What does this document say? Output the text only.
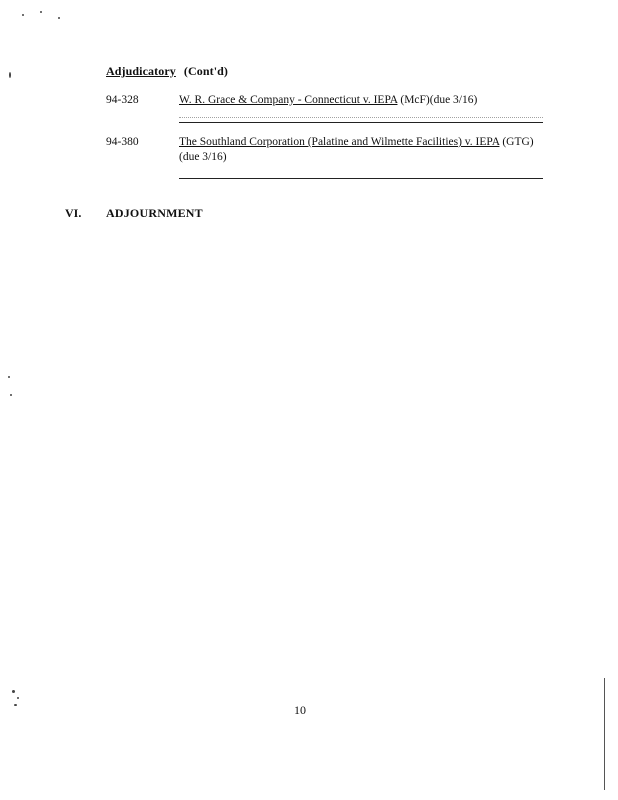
Adjudicatory (Cont'd)
94-328	W. R. Grace & Company - Connecticut v. IEPA (McF)(due 3/16)
94-380	The Southland Corporation (Palatine and Wilmette Facilities) v. IEPA (GTG)(due 3/16)
VI. ADJOURNMENT
10
